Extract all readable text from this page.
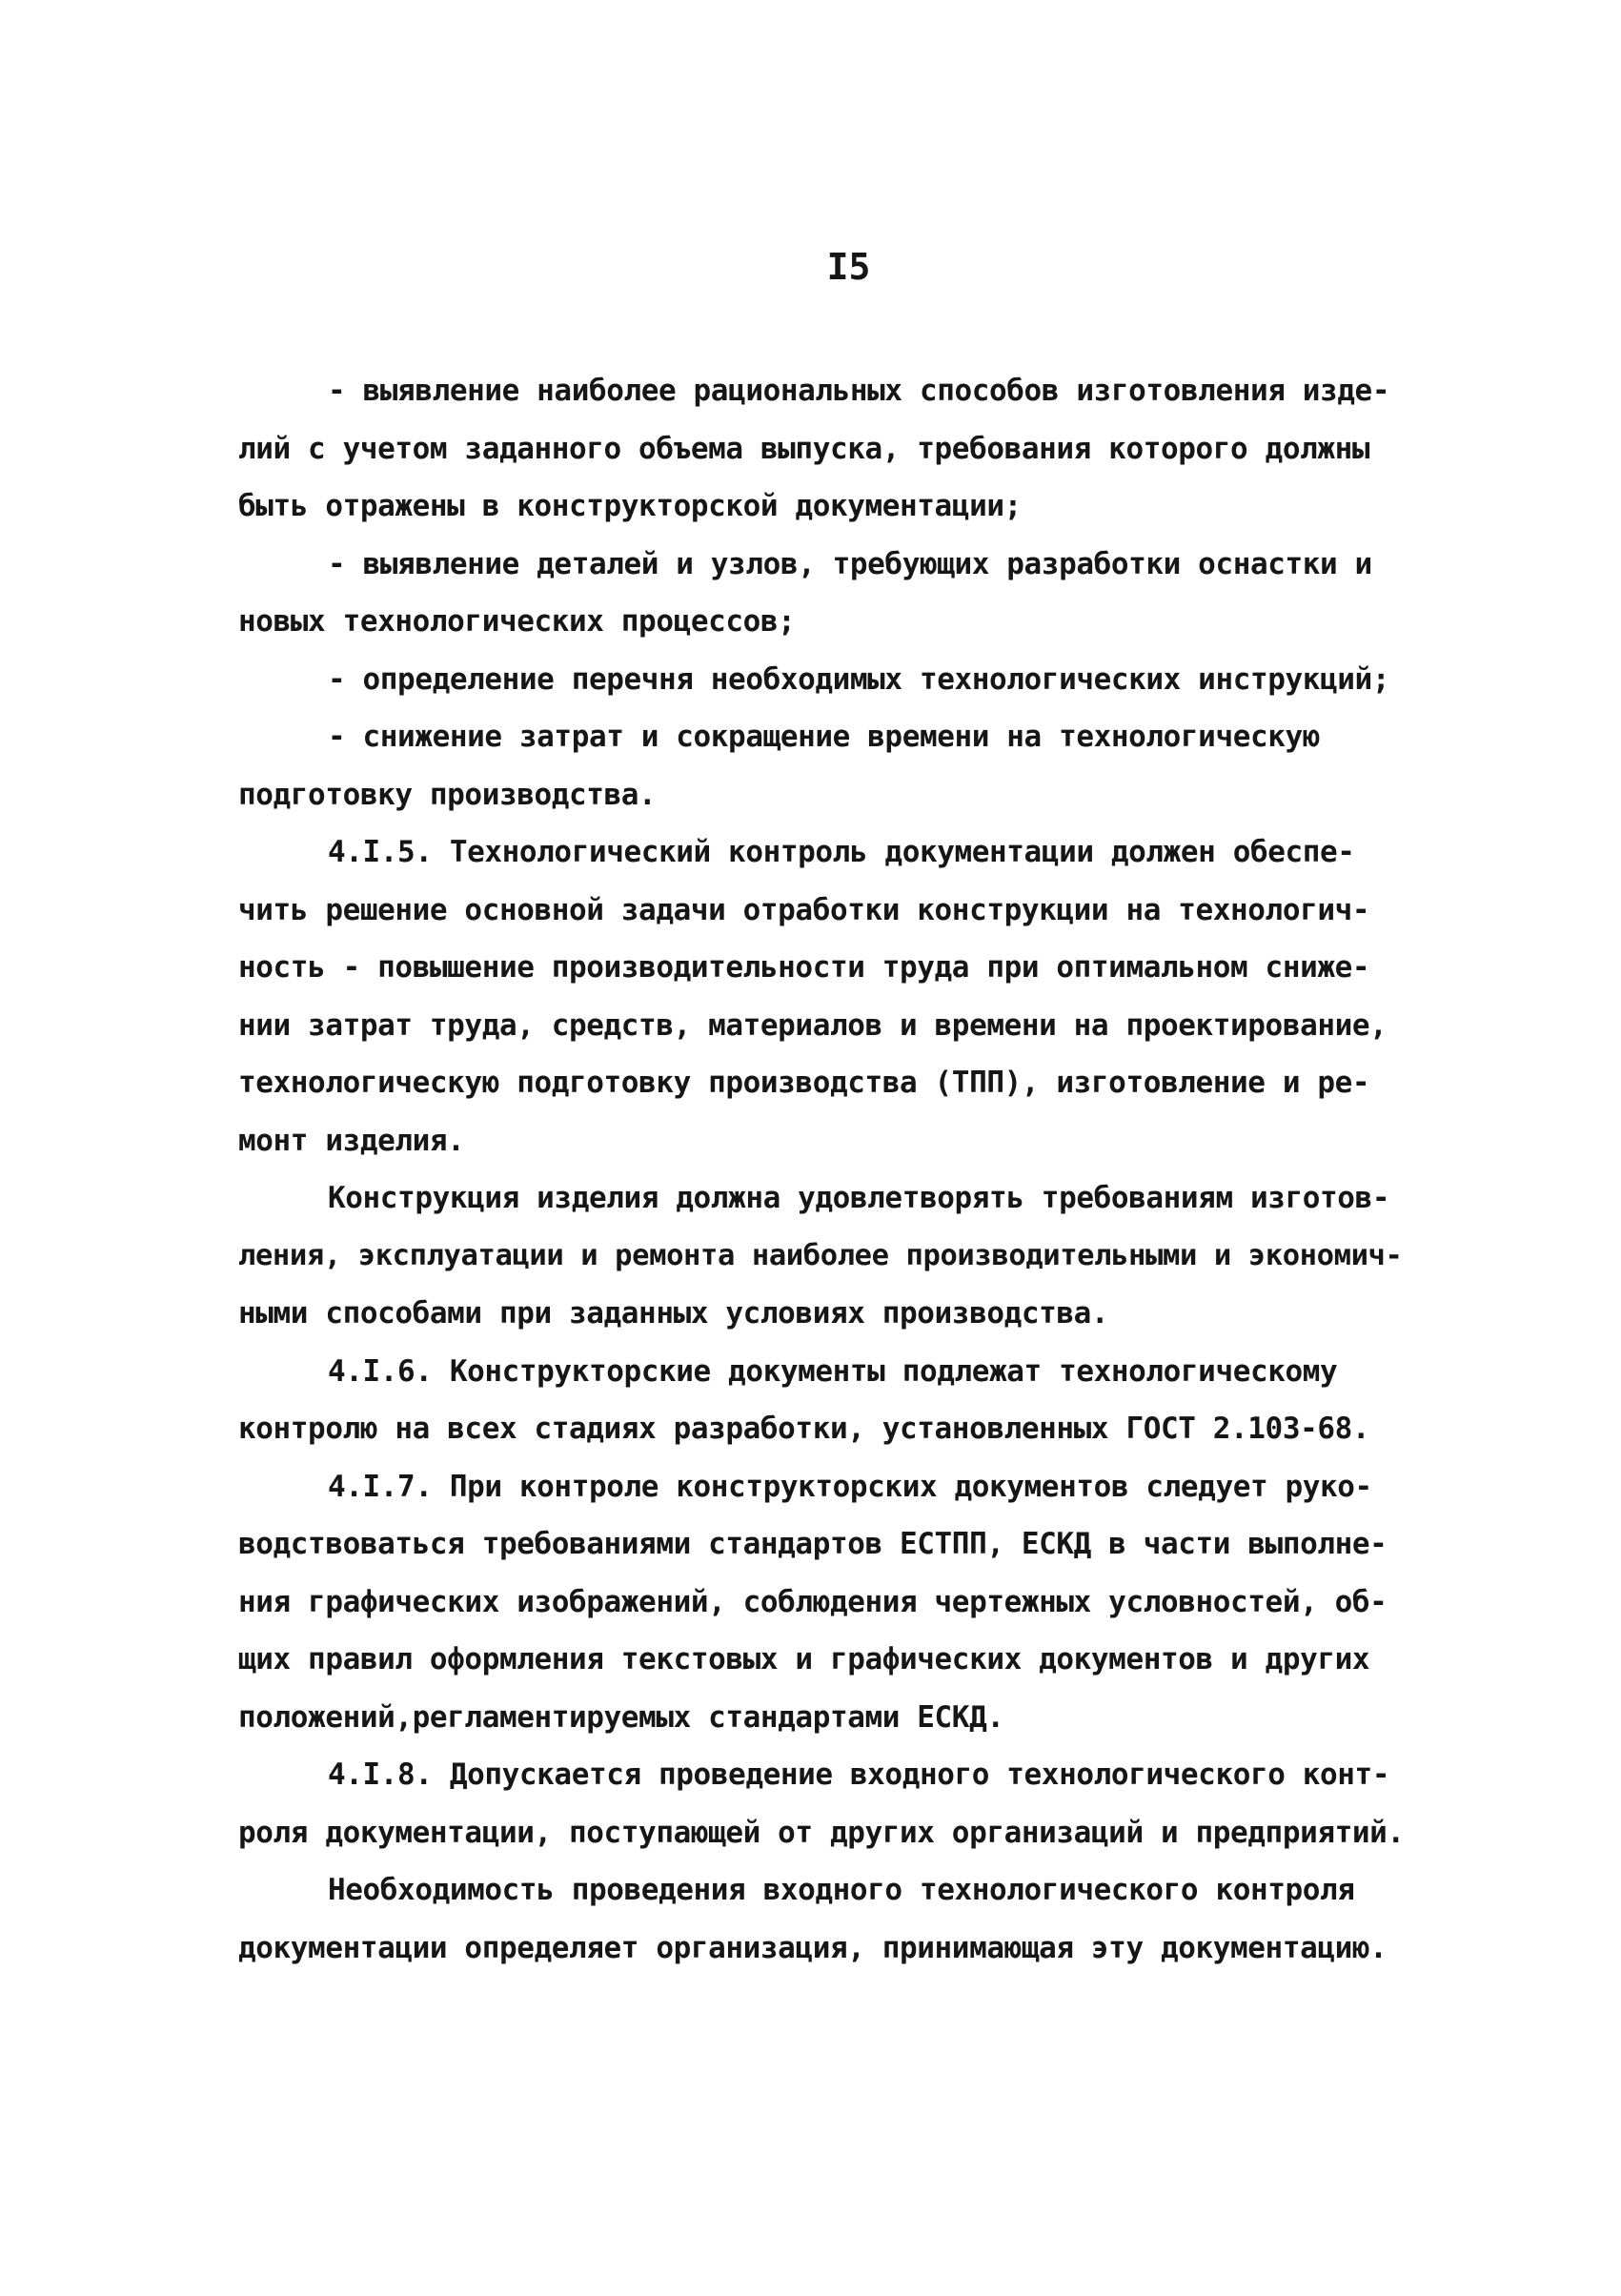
I5
- выявление наиболее рациональных способов изготовления изде-
лий с учетом заданного объема выпуска, требования которого должны
быть отражены в конструкторской документации;
- выявление деталей и узлов, требующих разработки оснастки и
новых технологических процессов;
- определение перечня необходимых технологических инструкций;
- снижение затрат и сокращение времени на технологическую
подготовку производства.
4.I.5. Технологический контроль документации должен обеспе-
чить решение основной задачи отработки конструкции на технологич-
ность - повышение производительности труда при оптимальном сниже-
нии затрат труда, средств, материалов и времени на проектирование,
технологическую подготовку производства (ТПП), изготовление и ре-
монт изделия.
Конструкция изделия должна удовлетворять требованиям изготов-
ления, эксплуатации и ремонта наиболее производительными и экономич-
ными способами при заданных условиях производства.
4.I.6. Конструкторские документы подлежат технологическому
контролю на всех стадиях разработки, установленных ГОСТ 2.103-68.
4.I.7. При контроле конструкторских документов следует руко-
водствоваться требованиями стандартов ЕСТПП, ЕСКД в части выполне-
ния графических изображений, соблюдения чертежных условностей, об-
щих правил оформления текстовых и графических документов и других
положений,регламентируемых стандартами ЕСКД.
4.I.8. Допускается проведение входного технологического конт-
роля документации, поступающей от других организаций и предприятий.
Необходимость проведения входного технологического контроля
документации определяет организация, принимающая эту документацию.
